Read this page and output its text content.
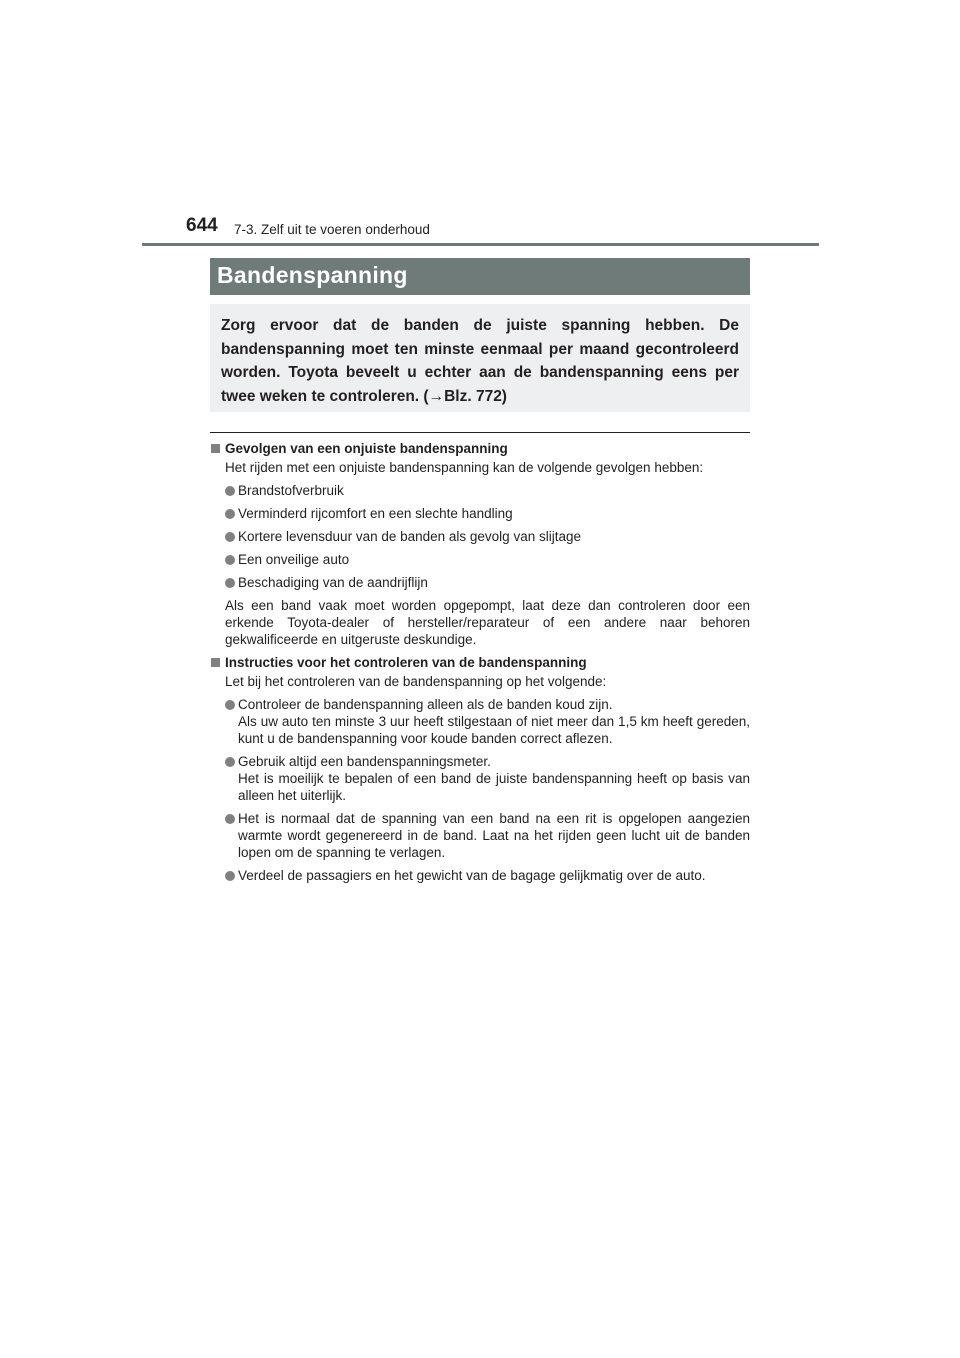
644 7-3. Zelf uit te voeren onderhoud
Bandenspanning
Zorg ervoor dat de banden de juiste spanning hebben. De bandenspanning moet ten minste eenmaal per maand gecontroleerd worden. Toyota beveelt u echter aan de bandenspanning eens per twee weken te controleren. (→Blz. 772)
Gevolgen van een onjuiste bandenspanning
Het rijden met een onjuiste bandenspanning kan de volgende gevolgen hebben:

Brandstofverbruik

Verminderd rijcomfort en een slechte handling

Kortere levensduur van de banden als gevolg van slijtage

Een onveilige auto

Beschadiging van de aandrijflijn

Als een band vaak moet worden opgepompt, laat deze dan controleren door een erkende Toyota-dealer of hersteller/reparateur of een andere naar behoren gekwalificeerde en uitgeruste deskundige.
Instructies voor het controleren van de bandenspanning
Let bij het controleren van de bandenspanning op het volgende:

Controleer de bandenspanning alleen als de banden koud zijn.

Als uw auto ten minste 3 uur heeft stilgestaan of niet meer dan 1,5 km heeft gereden, kunt u de bandenspanning voor koude banden correct aflezen.

Gebruik altijd een bandenspanningsmeter.

Het is moeilijk te bepalen of een band de juiste bandenspanning heeft op basis van alleen het uiterlijk.

Het is normaal dat de spanning van een band na een rit is opgelopen aangezien warmte wordt gegenereerd in de band. Laat na het rijden geen lucht uit de banden lopen om de spanning te verlagen.

Verdeel de passagiers en het gewicht van de bagage gelijkmatig over de auto.
